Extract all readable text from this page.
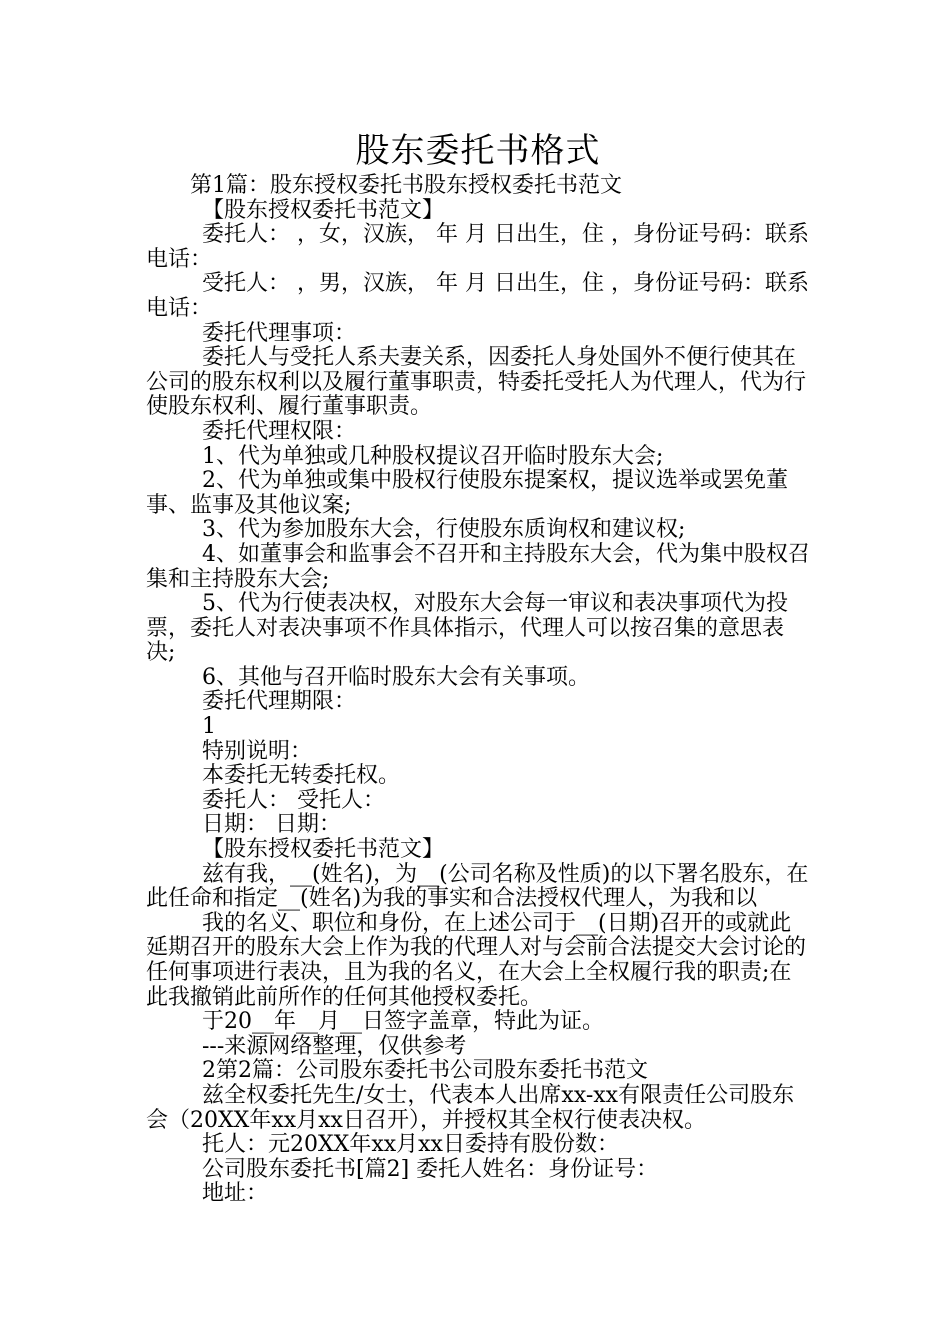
股东委托书格式

第1篇：股东授权委托书股东授权委托书范文

【股东授权委托书范文】

委托人： ，女，汉族， 年 月 日出生，住 ，身份证号码：联系电话：

受托人： ，男，汉族， 年 月 日出生，住 ，身份证号码：联系电话：

委托代理事项：

委托人与受托人系夫妻关系，因委托人身处国外不便行使其在公司的股东权利以及履行董事职责，特委托受托人为代理人，代为行使股东权利、履行董事职责。

委托代理权限：

1、代为单独或几种股权提议召开临时股东大会;

2、代为单独或集中股权行使股东提案权，提议选举或罢免董事、监事及其他议案;

3、代为参加股东大会，行使股东质询权和建议权;

4、如董事会和监事会不召开和主持股东大会，代为集中股权召集和主持股东大会;

5、代为行使表决权，对股东大会每一审议和表决事项代为投票，委托人对表决事项不作具体指示，代理人可以按召集的意思表决;

6、其他与召开临时股东大会有关事项。

委托代理期限：

1

特别说明：

本委托无转委托权。

委托人： 受托人：

日期： 日期：

【股东授权委托书范文】

兹有我，__(姓名)，为__(公司名称及性质)的以下署名股东，在此任命和指定__(姓名)为我的事实和合法授权代理人，为我和以

我的名义、职位和身份，在上述公司于__(日期)召开的或就此延期召开的股东大会上作为我的代理人对与会前合法提交大会讨论的任何事项进行表决，且为我的名义，在大会上全权履行我的职责;在此我撤销此前所作的任何其他授权委托。

于20__年__月__日签字盖章，特此为证。

---来源网络整理，仅供参考

2第2篇：公司股东委托书公司股东委托书范文

兹全权委托先生/女士，代表本人出席xx-xx有限责任公司股东会（20XX年xx月xx日召开），并授权其全权行使表决权。

托人：元20XX年xx月xx日委持有股份数：

公司股东委托书[篇2] 委托人姓名：身份证号：

地址：
